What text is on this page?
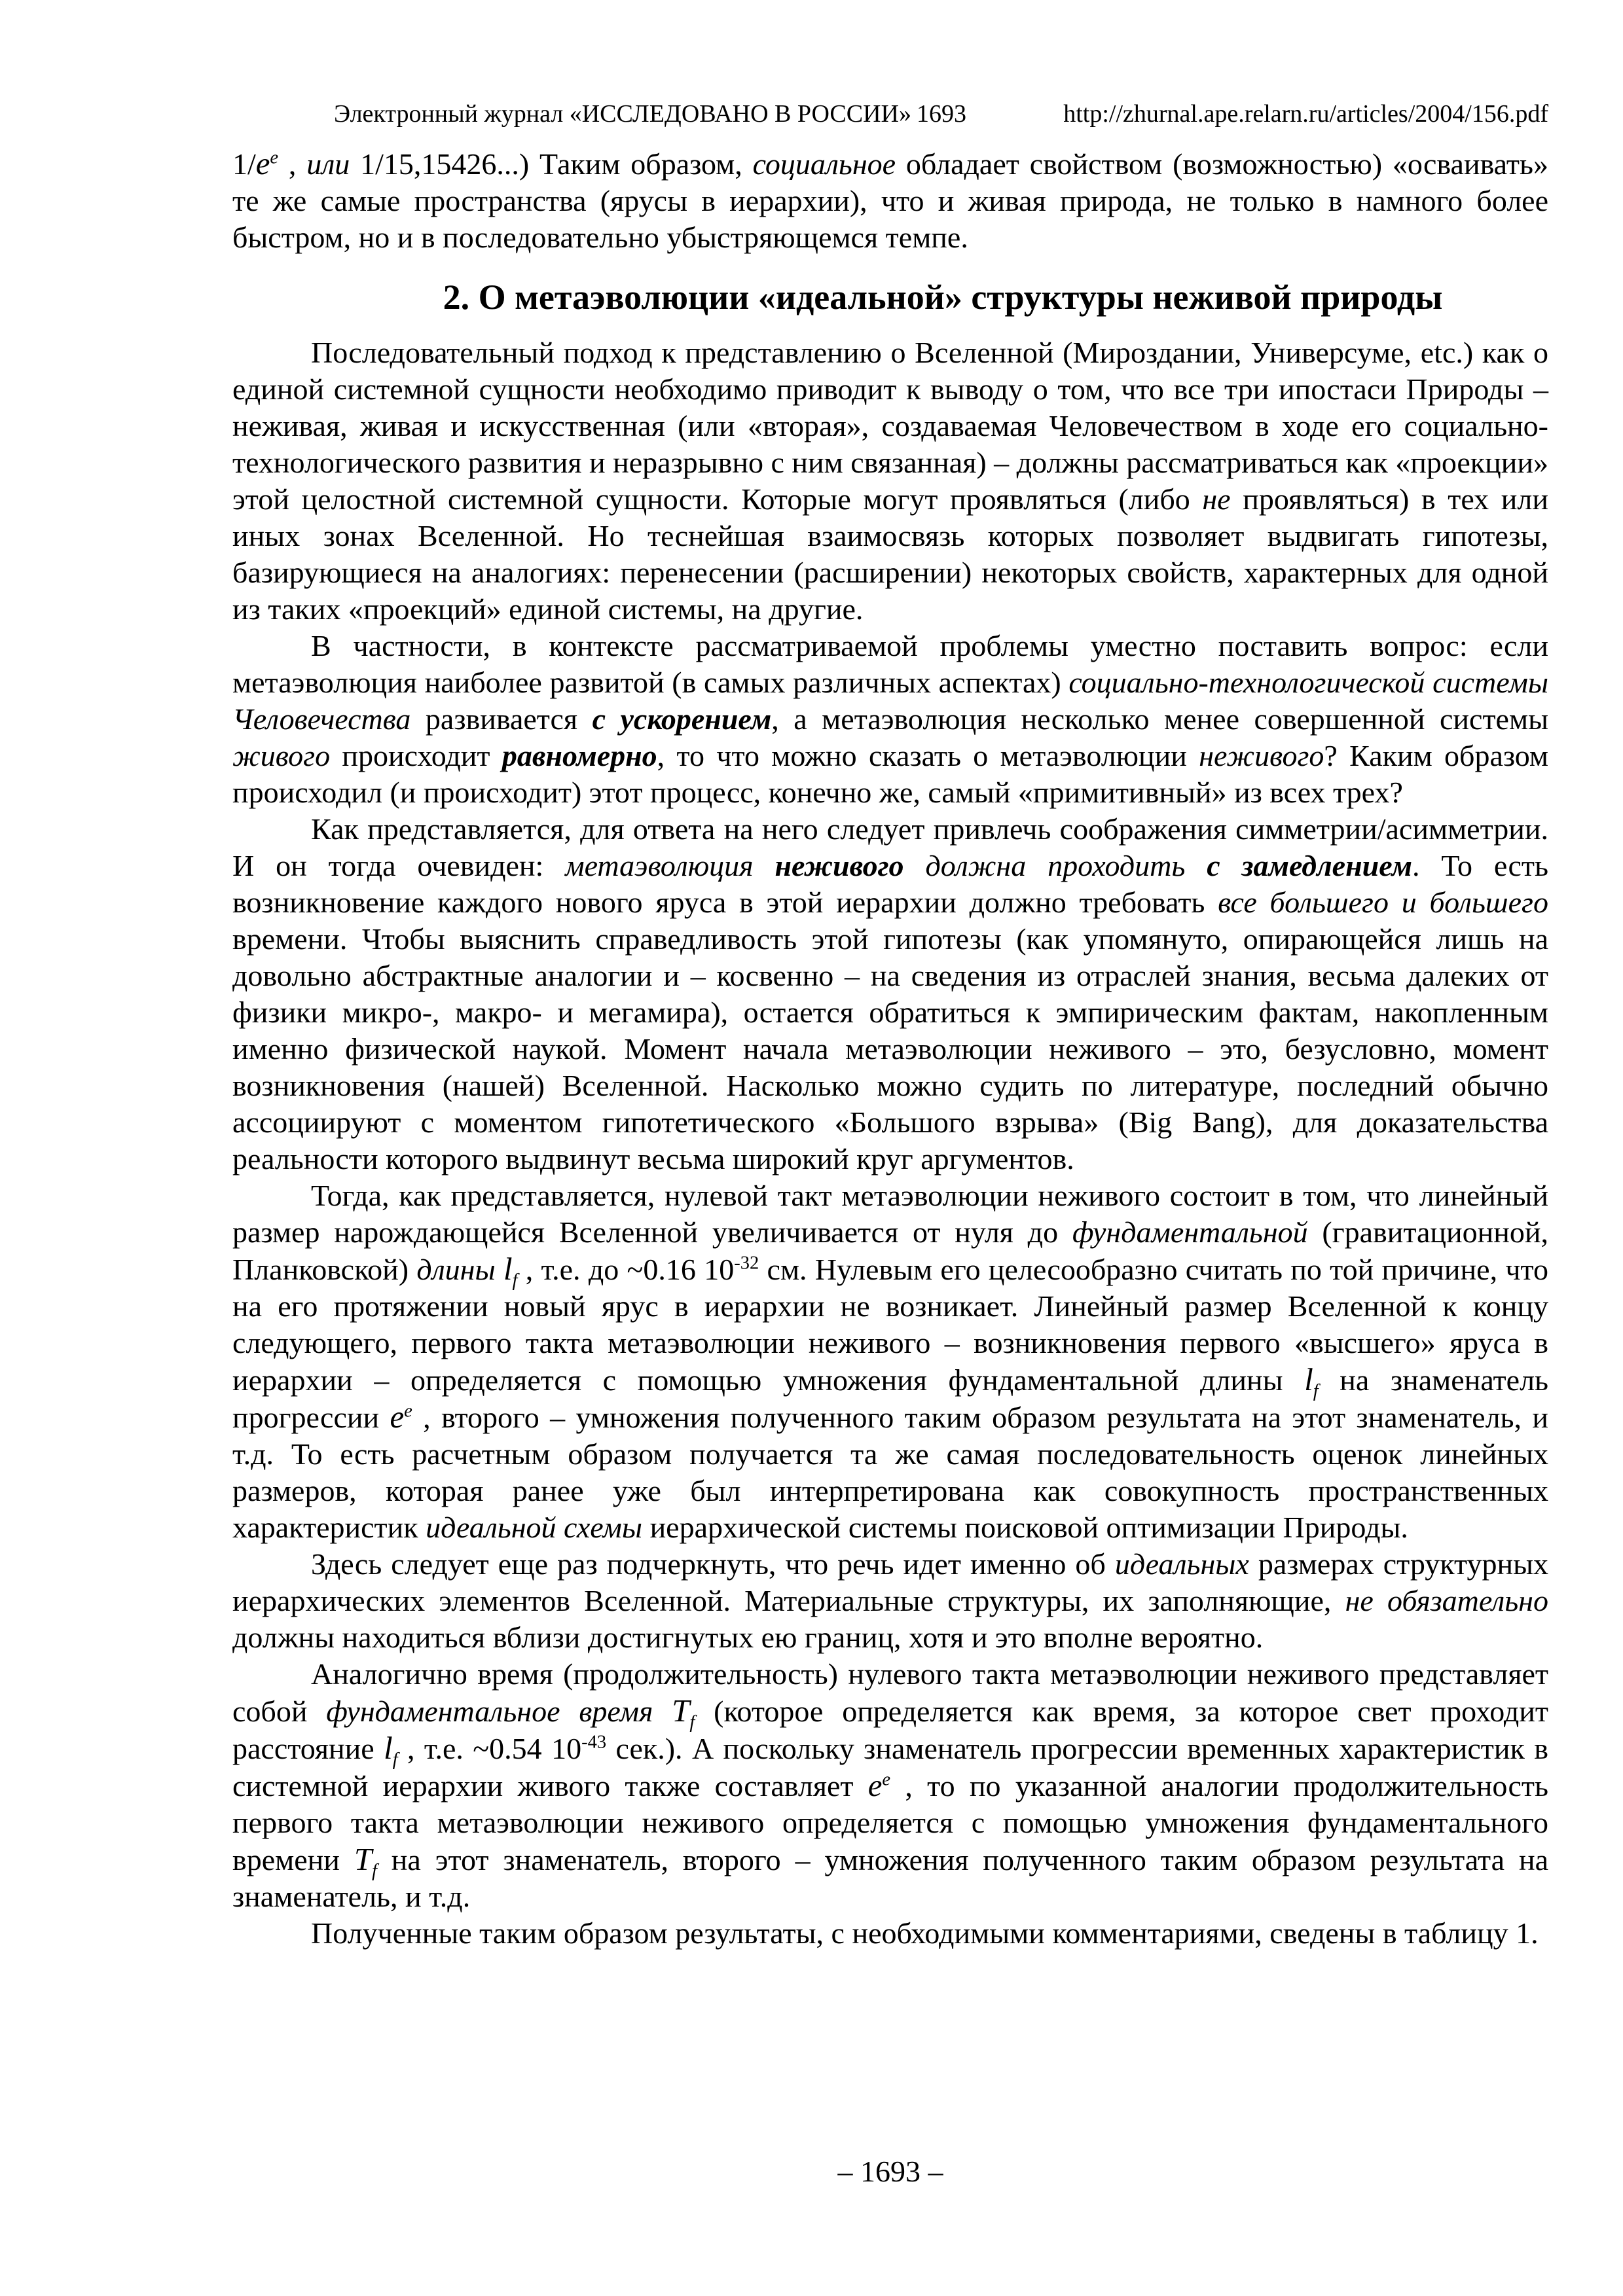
Электронный журнал «ИССЛЕДОВАНО В РОССИИ» 1693	http://zhurnal.ape.relarn.ru/articles/2004/156.pdf

$1/e^e$ , или 1/15,15426...) Таким образом, социальное обладает свойством (возможностью) «осваивать» те же самые пространства (ярусы в иерархии), что и живая природа, не только в намного более быстром, но и в последовательно убыстряющемся темпе.

2. О метаэволюции «идеальной» структуры неживой природы

Последовательный подход к представлению о Вселенной (Мироздании, Универсуме, etc.) как о единой системной сущности необходимо приводит к выводу о том, что все три ипостаси Природы – неживая, живая и искусственная (или «вторая», создаваемая Человечеством в ходе его социально-технологического развития и неразрывно с ним связанная) – должны рассматриваться как «проекции» этой целостной системной сущности. Которые могут проявляться (либо не проявляться) в тех или иных зонах Вселенной. Но теснейшая взаимосвязь которых позволяет выдвигать гипотезы, базирующиеся на аналогиях: перенесении (расширении) некоторых свойств, характерных для одной из таких «проекций» единой системы, на другие.

В частности, в контексте рассматриваемой проблемы уместно поставить вопрос: если метаэволюция наиболее развитой (в самых различных аспектах) социально-технологической системы Человечества развивается с ускорением, а метаэволюция несколько менее совершенной системы живого происходит равномерно, то что можно сказать о метаэволюции неживого? Каким образом происходил (и происходит) этот процесс, конечно же, самый «примитивный» из всех трех?

Как представляется, для ответа на него следует привлечь соображения симметрии/асимметрии. И он тогда очевиден: метаэволюция неживого должна проходить с замедлением. То есть возникновение каждого нового яруса в этой иерархии должно требовать все большего и большего времени. Чтобы выяснить справедливость этой гипотезы (как упомянуто, опирающейся лишь на довольно абстрактные аналогии и – косвенно – на сведения из отраслей знания, весьма далеких от физики микро-, макро- и мегамира), остается обратиться к эмпирическим фактам, накопленным именно физической наукой. Момент начала метаэволюции неживого – это, безусловно, момент возникновения (нашей) Вселенной. Насколько можно судить по литературе, последний обычно ассоциируют с моментом гипотетического «Большого взрыва» (Big Bang), для доказательства реальности которого выдвинут весьма широкий круг аргументов.

Тогда, как представляется, нулевой такт метаэволюции неживого состоит в том, что линейный размер нарождающейся Вселенной увеличивается от нуля до фундаментальной (гравитационной, Планковской) длины $l_f$ , т.е. до ~0.16 $10^{-32}$ см. Нулевым его целесообразно считать по той причине, что на его протяжении новый ярус в иерархии не возникает. Линейный размер Вселенной к концу следующего, первого такта метаэволюции неживого – возникновения первого «высшего» яруса в иерархии – определяется с помощью умножения фундаментальной длины $l_f$ на знаменатель прогрессии $e^e$ , второго – умножения полученного таким образом результата на этот знаменатель, и т.д. То есть расчетным образом получается та же самая последовательность оценок линейных размеров, которая ранее уже был интерпретирована как совокупность пространственных характеристик идеальной схемы иерархической системы поисковой оптимизации Природы.

Здесь следует еще раз подчеркнуть, что речь идет именно об идеальных размерах структурных иерархических элементов Вселенной. Материальные структуры, их заполняющие, не обязательно должны находиться вблизи достигнутых ею границ, хотя и это вполне вероятно.

Аналогично время (продолжительность) нулевого такта метаэволюции неживого представляет собой фундаментальное время $T_f$ (которое определяется как время, за которое свет проходит расстояние $l_f$ , т.е. ~0.54 $10^{-43}$ сек.). А поскольку знаменатель прогрессии временных характеристик в системной иерархии живого также составляет $e^e$ , то по указанной аналогии продолжительность первого такта метаэволюции неживого определяется с помощью умножения фундаментального времени $T_f$ на этот знаменатель, второго – умножения полученного таким образом результата на знаменатель, и т.д.

Полученные таким образом результаты, с необходимыми комментариями, сведены в таблицу 1.

– 1693 –
